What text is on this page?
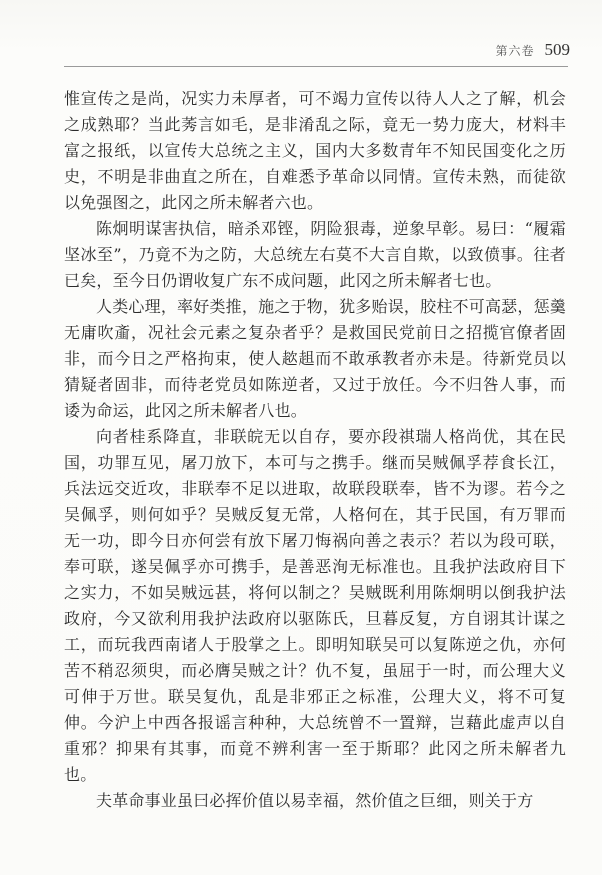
第六卷 509

惟宣传之是尚，况实力未厚者，可不竭力宣传以待人人之了解，机会之成熟耶？当此莠言如毛，是非淆乱之际，竟无一势力庞大，材料丰富之报纸，以宣传大总统之主义，国内大多数青年不知民国变化之历史，不明是非曲直之所在，自难悉予革命以同情。宣传未熟，而徒欲以免强图之，此冈之所未解者六也。

陈炯明谋害执信，暗杀邓铿，阴险狠毒，逆象早彰。易曰：“履霜坚冰至”，乃竟不为之防，大总统左右莫不大言自欺，以致偾事。往者已矣，至今日仍谓收复广东不成问题，此冈之所未解者七也。

人类心理，率好类推，施之于物，犹多贻误，胶柱不可高瑟，惩羹无庸吹齑，况社会元素之复杂者乎？是救国民党前日之招揽官僚者固非，而今日之严格拘束，使人趑趄而不敢承教者亦未是。待新党员以猜疑者固非，而待老党员如陈逆者，又过于放任。今不归咎人事，而诿为命运，此冈之所未解者八也。

向者桂系降直，非联皖无以自存，要亦段祺瑞人格尚优，其在民国，功罪互见，屠刀放下，本可与之携手。继而吴贼佩孚荐食长江，兵法远交近攻，非联奉不足以进取，故联段联奉，皆不为谬。若今之吴佩孚，则何如乎？吴贼反复无常，人格何在，其于民国，有万罪而无一功，即今日亦何尝有放下屠刀悔祸向善之表示？若以为段可联，奉可联，遂吴佩孚亦可携手，是善恶洵无标准也。且我护法政府目下之实力，不如吴贼远甚，将何以制之？吴贼既利用陈炯明以倒我护法政府，今又欲利用我护法政府以驱陈氏，旦暮反复，方自诩其计谋之工，而玩我西南诸人于股掌之上。即明知联吴可以复陈逆之仇，亦何苦不稍忍须臾，而必膺吴贼之计？仇不复，虽屈于一时，而公理大义可伸于万世。联吴复仇，乱是非邪正之标准，公理大义，将不可复伸。今沪上中西各报谣言种种，大总统曾不一置辩，岂藉此虚声以自重邪？抑果有其事，而竟不辨利害一至于斯耶？此冈之所未解者九也。

夫革命事业虽曰必挥价值以易幸福，然价值之巨细，则关于方
